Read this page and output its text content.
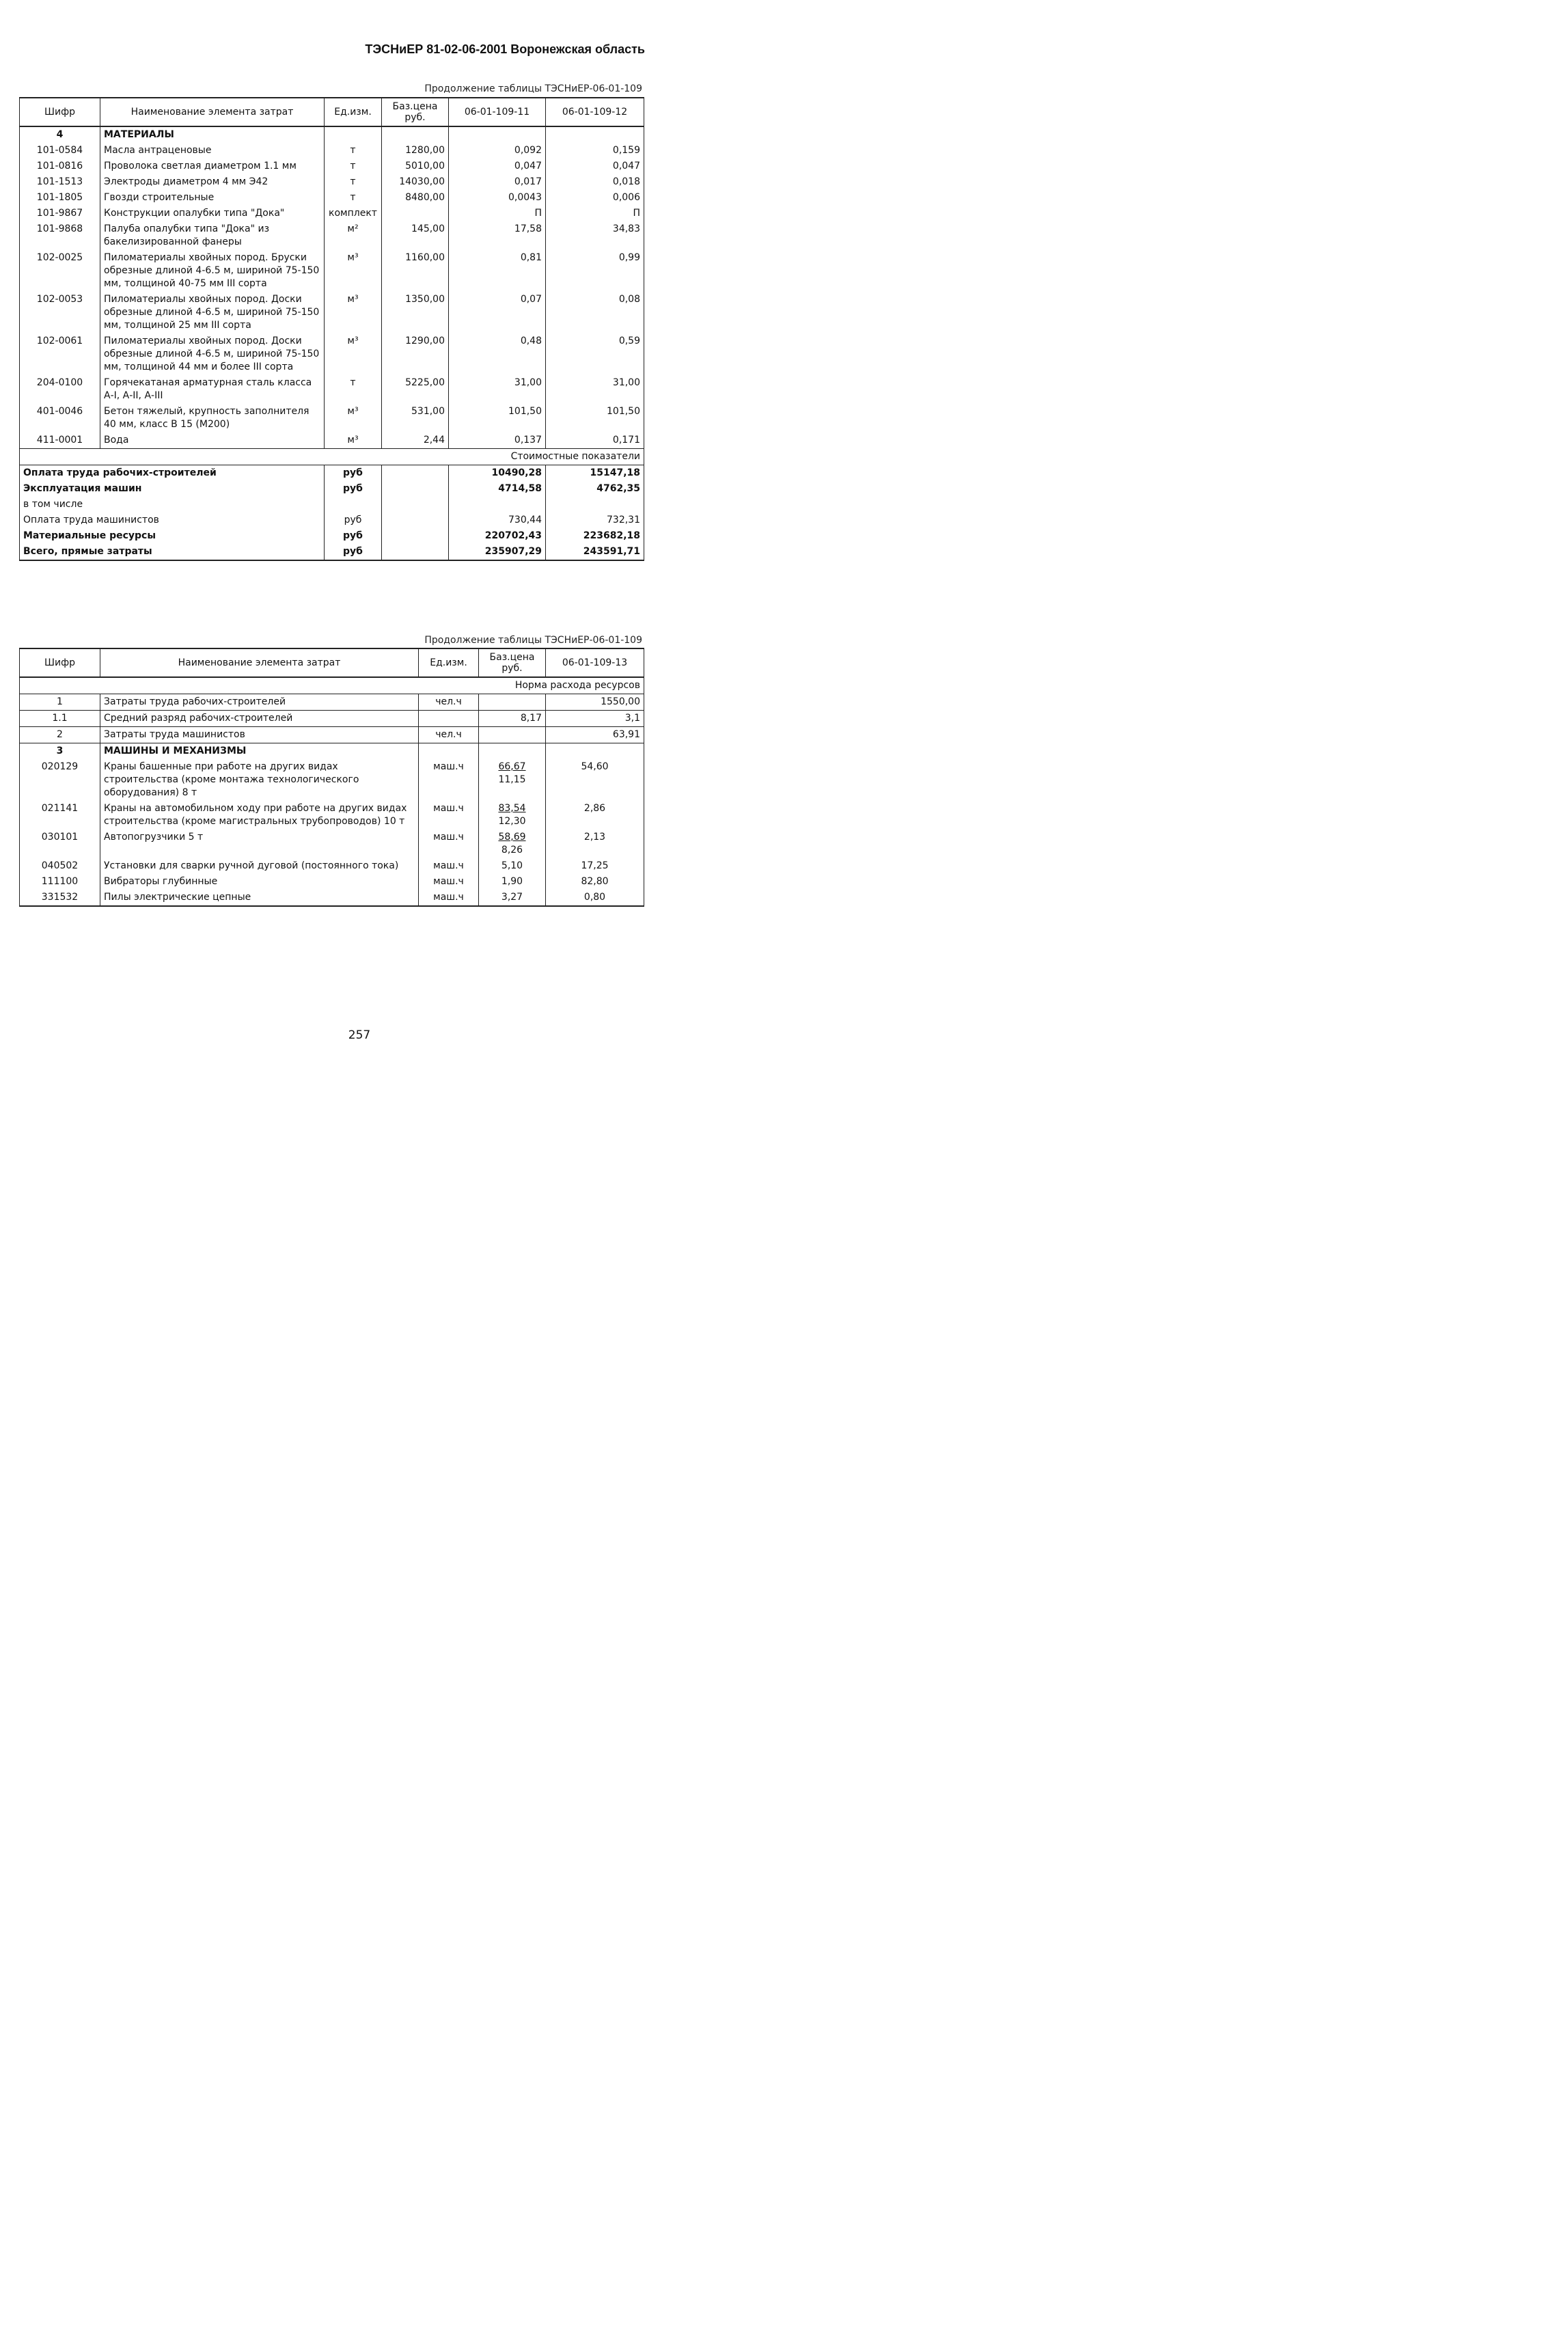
ТЭСНиЕР 81-02-06-2001 Воронежская область
Продолжение таблицы ТЭСНиЕР-06-01-109
Шифр	Наименование элемента затрат	Ед.изм.	Баз.цена руб.	06-01-109-11	06-01-109-12
4	МАТЕРИАЛЫ				
101-0584	Масла антраценовые	т	1280,00	0,092	0,159
101-0816	Проволока светлая диаметром 1.1 мм	т	5010,00	0,047	0,047
101-1513	Электроды диаметром 4 мм Э42	т	14030,00	0,017	0,018
101-1805	Гвозди строительные	т	8480,00	0,0043	0,006
101-9867	Конструкции опалубки типа "Дока"	комплект		П	П
101-9868	Палуба опалубки типа "Дока" из бакелизированной фанеры	м²	145,00	17,58	34,83
102-0025	Пиломатериалы хвойных пород. Бруски обрезные длиной 4-6.5 м, шириной 75-150 мм, толщиной 40-75 мм III сорта	м³	1160,00	0,81	0,99
102-0053	Пиломатериалы хвойных пород. Доски обрезные длиной 4-6.5 м, шириной 75-150 мм, толщиной 25 мм III сорта	м³	1350,00	0,07	0,08
102-0061	Пиломатериалы хвойных пород. Доски обрезные длиной 4-6.5 м, шириной 75-150 мм, толщиной 44 мм и более III сорта	м³	1290,00	0,48	0,59
204-0100	Горячекатаная арматурная сталь класса А-I, А-II, А-III	т	5225,00	31,00	31,00
401-0046	Бетон тяжелый, крупность заполнителя 40 мм, класс В 15 (М200)	м³	531,00	101,50	101,50
411-0001	Вода	м³	2,44	0,137	0,171
Стоимостные показатели					
Оплата труда рабочих-строителей		руб		10490,28	15147,18
Эксплуатация машин		руб		4714,58	4762,35
в том числе					
Оплата труда машинистов		руб		730,44	732,31
Материальные ресурсы		руб		220702,43	223682,18
Всего, прямые затраты		руб		235907,29	243591,71
Продолжение таблицы ТЭСНиЕР-06-01-109
Шифр	Наименование элемента затрат	Ед.изм.	Баз.цена руб.	06-01-109-13
Норма расхода ресурсов				
1	Затраты труда рабочих-строителей	чел.ч		1550,00
1.1	Средний разряд рабочих-строителей		8,17	3,1
2	Затраты труда машинистов	чел.ч		63,91
3	МАШИНЫ И МЕХАНИЗМЫ			
020129	Краны башенные при работе на других видах строительства (кроме монтажа технологического оборудования) 8 т	маш.ч	$\frac{66,67}{11,15}$	54,60
021141	Краны на автомобильном ходу при работе на других видах строительства (кроме магистральных трубопроводов) 10 т	маш.ч	$\frac{83,54}{12,30}$	2,86
030101	Автопогрузчики 5 т	маш.ч	$\frac{58,69}{8,26}$	2,13
040502	Установки для сварки ручной дуговой (постоянного тока)	маш.ч	5,10	17,25
111100	Вибраторы глубинные	маш.ч	1,90	82,80
331532	Пилы электрические цепные	маш.ч	3,27	0,80
257
